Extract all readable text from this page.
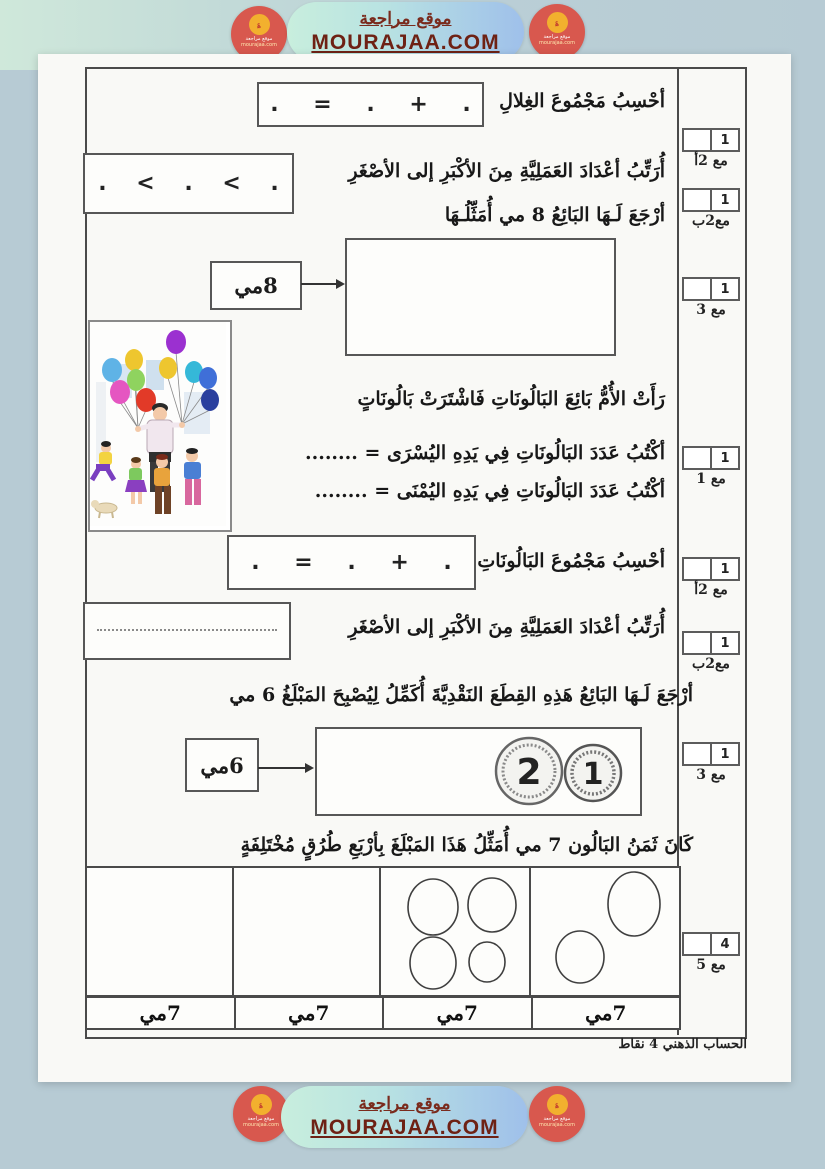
؏
موقع مراجعة
mourajaa.com
موقع مراجعة
MOURAJAA.COM
؏
موقع مراجعة
mourajaa.com
أحْسِبُ مَجْمُوعَ الغِلالِ
. = . + .
أُرَتِّبُ أعْدَادَ العَمَلِيَّةِ مِنَ الأكْبَرِ إلى الأصْغَرِ
. < . < .
أرْجَعَ لَـهَا البَائِعُ 8 مي أُمَثِّلُـهَا
8مي
رَأَتْ الأُمُّ بَائِعَ البَالُونَاتِ فَاشْتَرَتْ بَالُونَاتٍ
أكْتُبُ عَدَدَ البَالُونَاتِ فِي يَدِهِ اليُسْرَى = ........
أكْتُبُ عَدَدَ البَالُونَاتِ فِي يَدِهِ اليُمْنَى = ........
أحْسِبُ مَجْمُوعَ البَالُونَاتِ
. = . + .
أُرَتِّبُ أعْدَادَ العَمَلِيَّةِ مِنَ الأكْبَرِ إلى الأصْغَرِ
أرْجَعَ لَـهَا البَائِعُ هَذِهِ القِطَعَ النَقْدِيَّةَ أُكَمِّلُ لِيُصْبِحَ المَبْلَغُ 6 مي
2 1
6مي
كَانَ ثَمَنُ البَالُون 7 مي أُمَثِّلُ هَذَا المَبْلَغَ بِأرْبَعِ طُرُقٍ مُخْتَلِفَةٍ
7مي	7مي	7مي	7مي
الحساب الذهني 4 نقاط
1
مع 2أ
1
مع2ب
1
مع 3
1
مع 1
1
مع 2أ
1
مع2ب
1
مع 3
4
مع 5
؏
موقع مراجعة
mourajaa.com
موقع مراجعة
MOURAJAA.COM
؏
موقع مراجعة
mourajaa.com
